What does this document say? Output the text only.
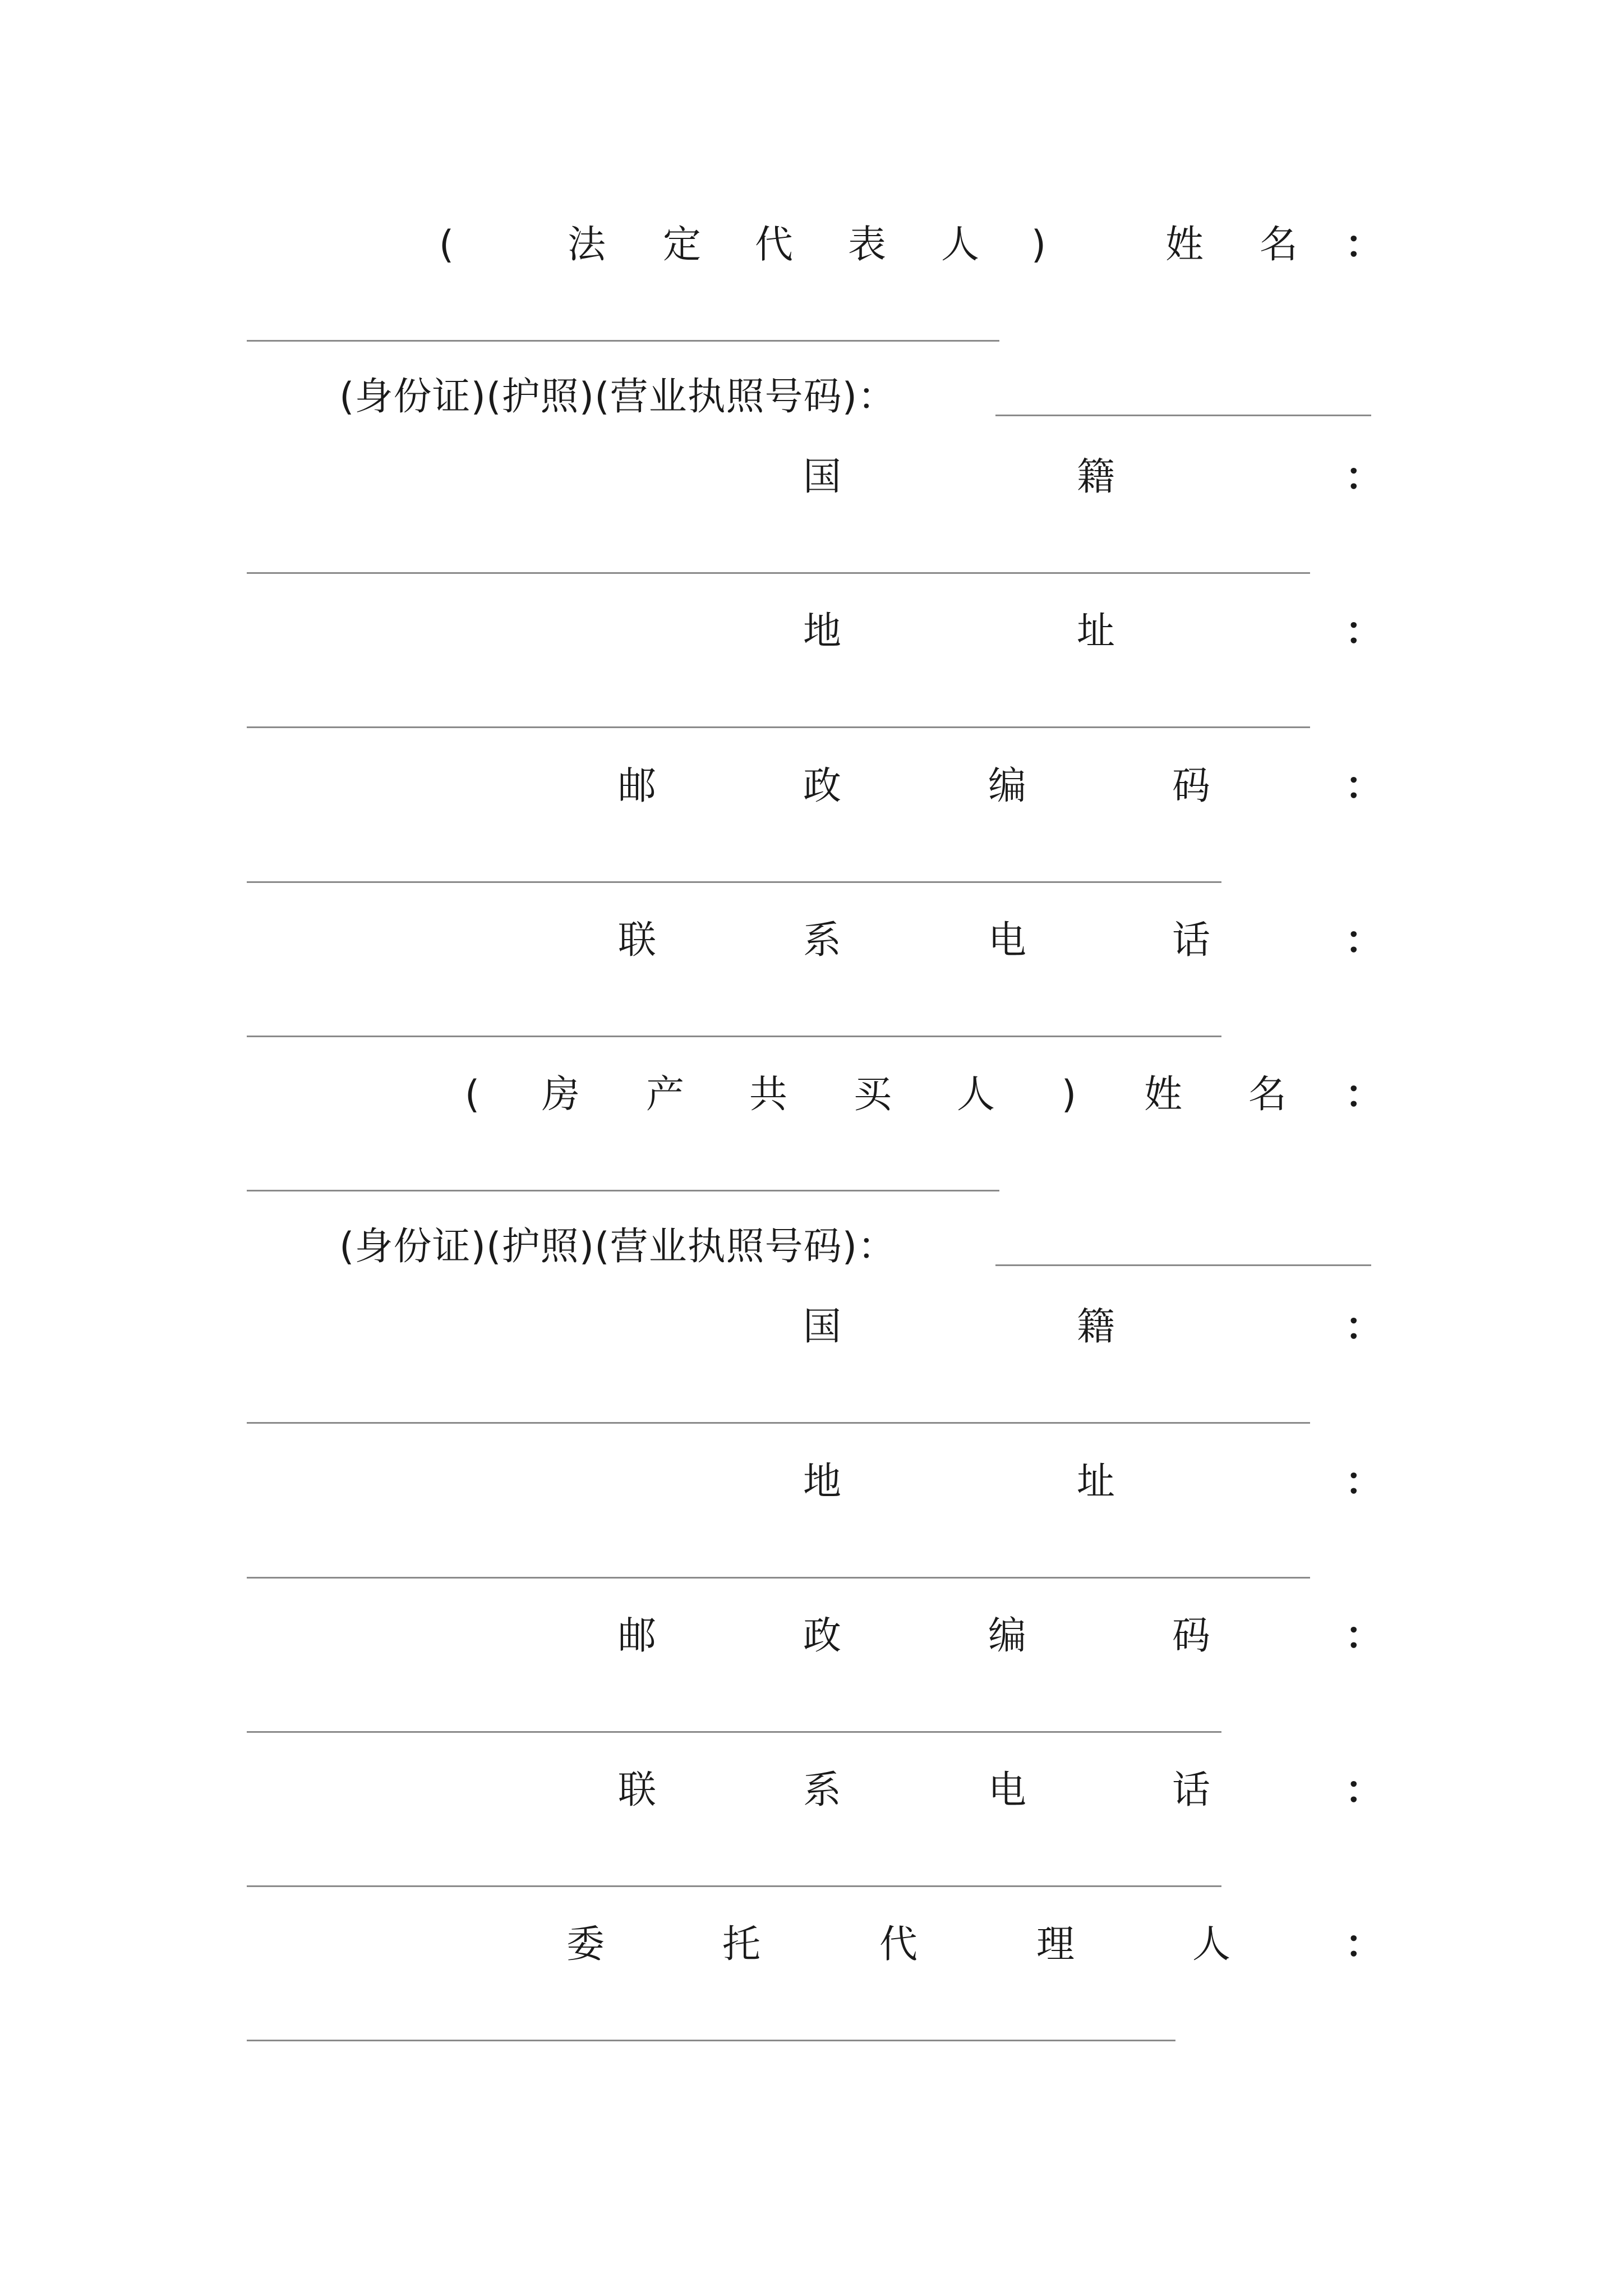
(	法 定 代 表 人 )	姓 名 ：
(身份证)(护照)(营业执照号码)：
国	籍	：
地	址	：
邮	政	编	码	：
联	系	电	话	：
( 房 产 共 买 人 ) 姓 名 ：
(身份证)(护照)(营业执照号码)：
国	籍	：
地	址	：
邮	政	编	码	：
联	系	电	话	：
委	托	代	理	人	：
